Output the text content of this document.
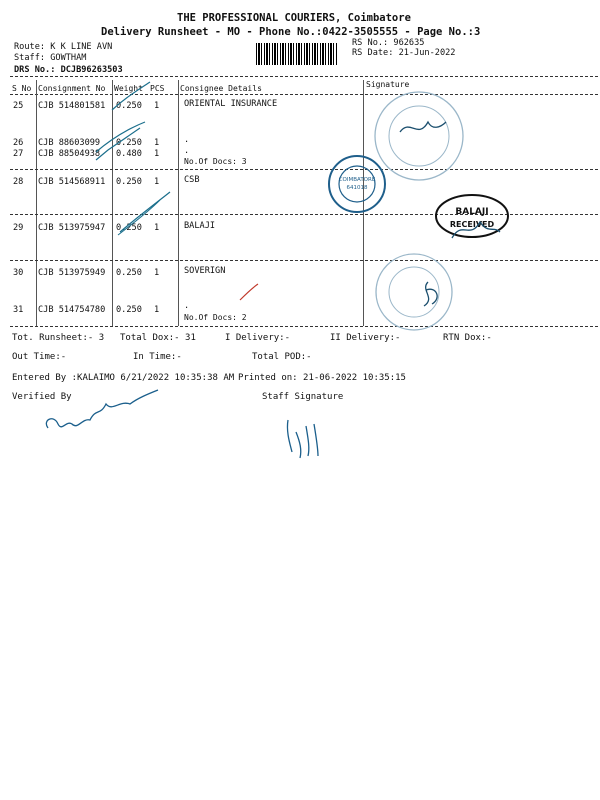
THE PROFESSIONAL COURIERS, Coimbatore
Delivery Runsheet - MO - Phone No.:0422-3505555 - Page No.:3
Route: K K LINE AVN
Staff: GOWTHAM
DRS No.: DCJB96263503
RS No.: 962635
RS Date: 21-Jun-2022
S No Consignment No Weight PCS Consignee Details	Signature
25 CJB 514801581 0.250 1	ORIENTAL INSURANCE
26 CJB 88603099 0.250 1	.
27 CJB 88504938 0.480 1	.
No.Of Docs: 3
28 CJB 514568911 0.250 1	CSB
29 CJB 513975947 0.250 1	BALAJI
30 CJB 513975949 0.250 1	SOVERIGN
31 CJB 514754780 0.250 1	.
No.Of Docs: 2
Tot. Runsheet:- 3 Total Dox:- 31	I Delivery:-	II Delivery:-	RTN Dox:-
Out Time:-	In Time:-	Total POD:-
Entered By :KALAIMO 6/21/2022 10:35:38 AM Printed on: 21-06-2022 10:35:15
Verified By	Staff Signature
COIMBATORE
641018
BALAJI
RECEIVED
